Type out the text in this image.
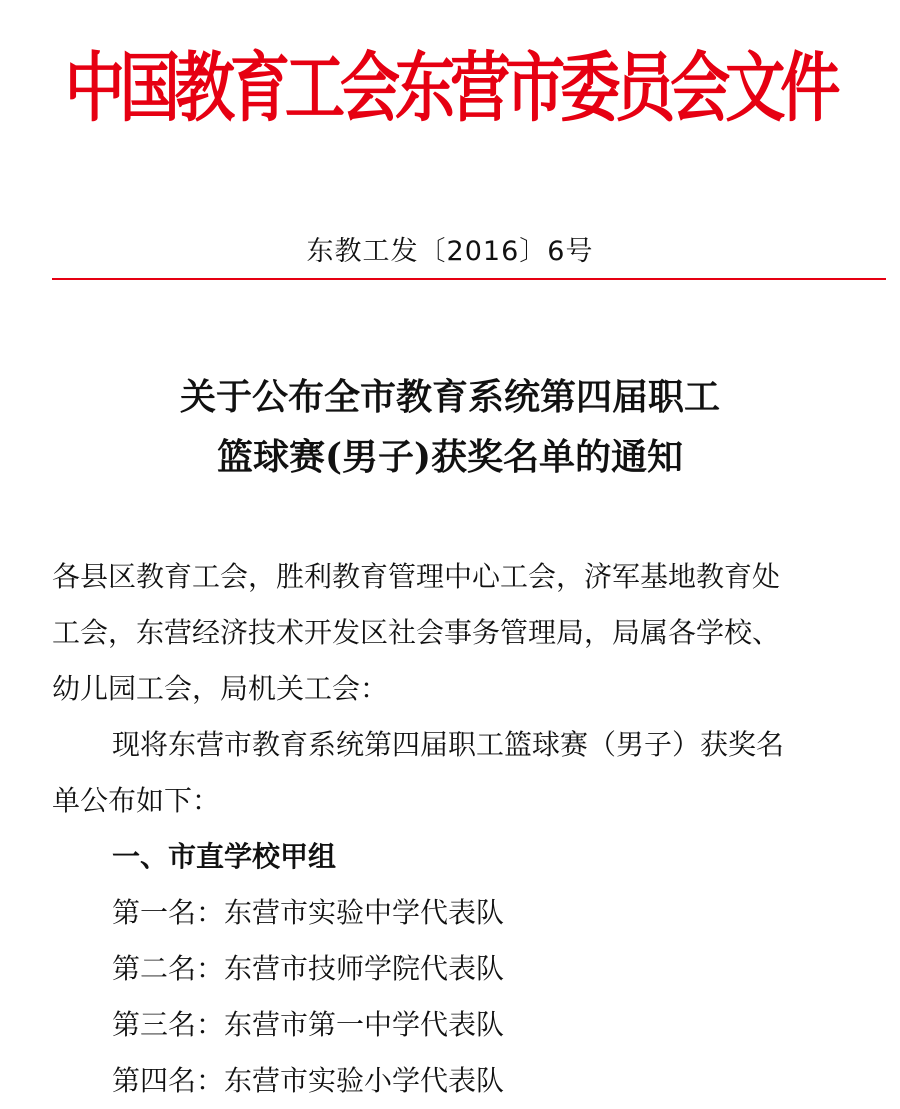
中国教育工会东营市委员会文件
东教工发〔2016〕6号
关于公布全市教育系统第四届职工
篮球赛(男子)获奖名单的通知
各县区教育工会，胜利教育管理中心工会，济军基地教育处
工会，东营经济技术开发区社会事务管理局，局属各学校、
幼儿园工会，局机关工会：
现将东营市教育系统第四届职工篮球赛（男子）获奖名
单公布如下：
一、市直学校甲组
第一名：东营市实验中学代表队
第二名：东营市技师学院代表队
第三名：东营市第一中学代表队
第四名：东营市实验小学代表队
